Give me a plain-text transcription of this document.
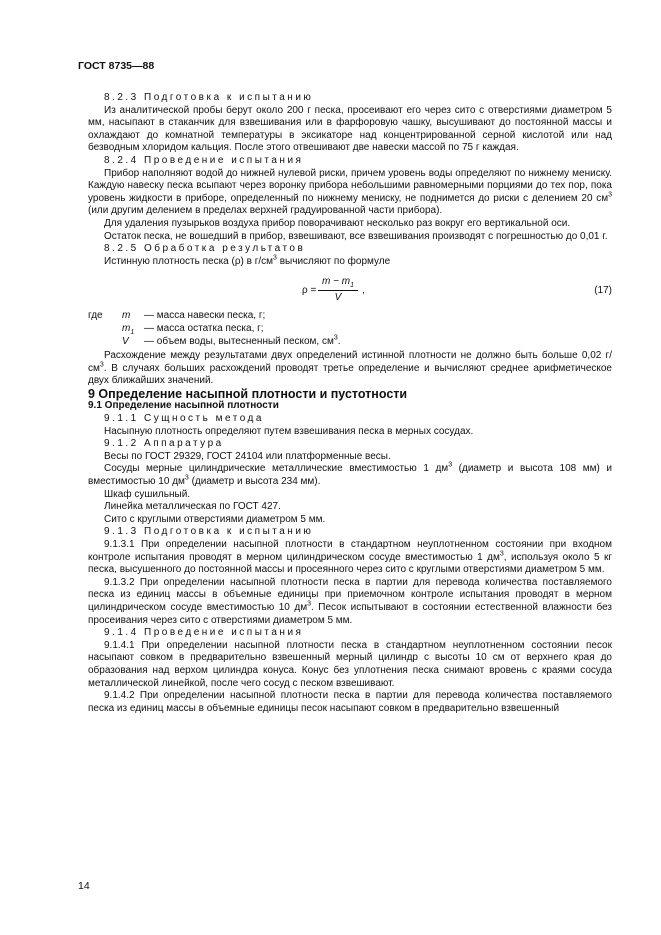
ГОСТ 8735—88

8.2.3 Подготовка к испытанию

Из аналитической пробы берут около 200 г песка, просеивают его через сито с отверстиями диаметром 5 мм, насыпают в стаканчик для взвешивания или в фарфоровую чашку, высушивают до постоянной массы и охлаждают до комнатной температуры в эксикаторе над концентрированной серной кислотой или над безводным хлоридом кальция. После этого отвешивают две навески массой по 75 г каждая.

8.2.4 Проведение испытания

Прибор наполняют водой до нижней нулевой риски, причем уровень воды определяют по нижнему мениску. Каждую навеску песка всыпают через воронку прибора небольшими равномерными порциями до тех пор, пока уровень жидкости в приборе, определенный по нижнему мениску, не поднимется до риски с делением 20 $см^3$ (или другим делением в пределах верхней градуированной части прибора).

Для удаления пузырьков воздуха прибор поворачивают несколько раз вокруг его вертикальной оси.

Остаток песка, не вошедший в прибор, взвешивают, все взвешивания производят с погрешностью до 0,01 г.

8.2.5 Обработка результатов

Истинную плотность песка (ρ) в $г/см^3$ вычисляют по формуле

$\rho = \frac{m - m_1}{V}$ ,	(17)
где	m	— масса навески песка, г;
$m_1$ — масса остатка песка, г;
V	— объем воды, вытесненный песком, $см^3$.

Расхождение между результатами двух определений истинной плотности не должно быть больше 0,02 $г/см^3$. В случаях больших расхождений проводят третье определение и вычисляют среднее арифметическое двух ближайших значений.

9 Определение насыпной плотности и пустотности

9.1 Определение насыпной плотности

9.1.1 Сущность метода

Насыпную плотность определяют путем взвешивания песка в мерных сосудах.

9.1.2 Аппаратура

Весы по ГОСТ 29329, ГОСТ 24104 или платформенные весы.

Сосуды мерные цилиндрические металлические вместимостью 1 $дм^3$ (диаметр и высота 108 мм) и вместимостью 10 $дм^3$ (диаметр и высота 234 мм).

Шкаф сушильный.

Линейка металлическая по ГОСТ 427.

Сито с круглыми отверстиями диаметром 5 мм.

9.1.3 Подготовка к испытанию

9.1.3.1 При определении насыпной плотности в стандартном неуплотненном состоянии при входном контроле испытания проводят в мерном цилиндрическом сосуде вместимостью 1 $дм^3$, используя около 5 кг песка, высушенного до постоянной массы и просеянного через сито с круглыми отверстиями диаметром 5 мм.

9.1.3.2 При определении насыпной плотности песка в партии для перевода количества поставляемого песка из единиц массы в объемные единицы при приемочном контроле испытания проводят в мерном цилиндрическом сосуде вместимостью 10 $дм^3$. Песок испытывают в состоянии естественной влажности без просеивания через сито с отверстиями диаметром 5 мм.

9.1.4 Проведение испытания

9.1.4.1 При определении насыпной плотности песка в стандартном неуплотненном состоянии песок насыпают совком в предварительно взвешенный мерный цилиндр с высоты 10 см от верхнего края до образования над верхом цилиндра конуса. Конус без уплотнения песка снимают вровень с краями сосуда металлической линейкой, после чего сосуд с песком взвешивают.

9.1.4.2 При определении насыпной плотности песка в партии для перевода количества поставляемого песка из единиц массы в объемные единицы песок насыпают совком в предварительно взвешенный

14
